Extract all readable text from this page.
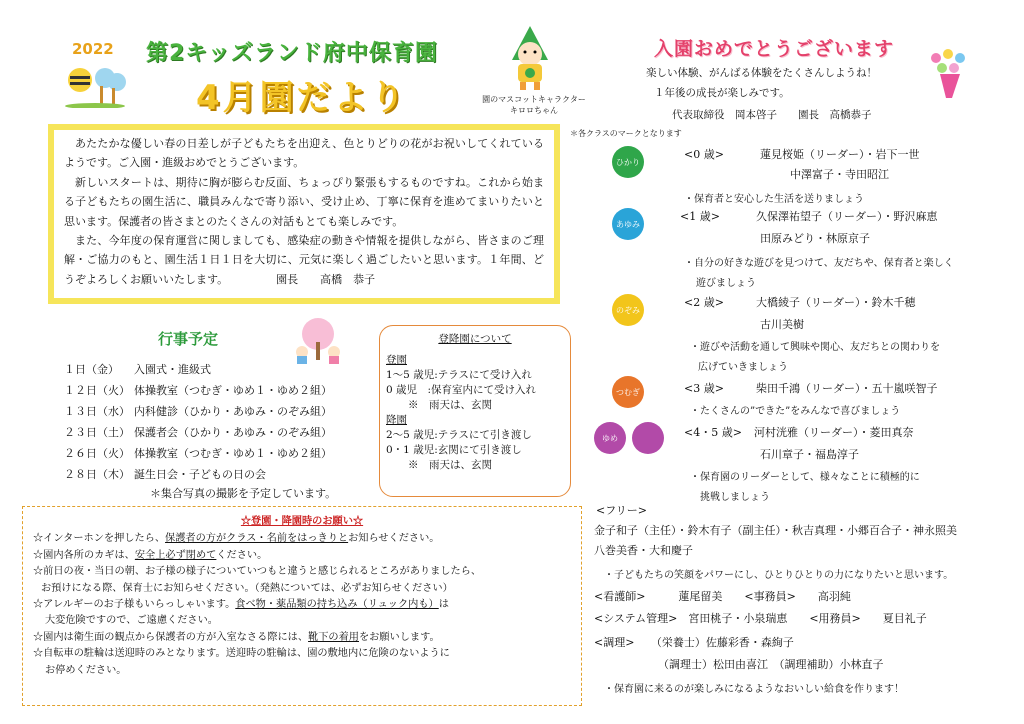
2022 第2キッズランド府中保育園
4月園だより	園のマスコットキャラクター
キロロちゃん
入園おめでとうございます
楽しい体験、がんばる体験をたくさんしようね！
１年後の成長が楽しみです。
代表取締役　岡本啓子　　園長　高橋恭子

あたたかな優しい春の日差しが子どもたちを出迎え、色とりどりの花がお祝いしてくれているようです。ご入園・進級おめでとうございます。

新しいスタートは、期待に胸が膨らむ反面、ちょっぴり緊張もするものですね。これから始まる子どもたちの園生活に、職員みんなで寄り添い、受け止め、丁寧に保育を進めてまいりたいと思います。保護者の皆さまとのたくさんの対話もとても楽しみです。

また、今年度の保育運営に関しましても、感染症の動きや情報を提供しながら、皆さまのご理解・ご協力のもと、園生活１日１日を大切に、元気に楽しく過ごしたいと思います。１年間、どうぞよろしくお願いいたします。	園長　　高橋　恭子

行事予定
１日（金） 入園式・進級式
１２日（火） 体操教室（つむぎ・ゆめ１・ゆめ２組）
１３日（水） 内科健診（ひかり・あゆみ・のぞみ組）
２３日（土） 保護者会（ひかり・あゆみ・のぞみ組）
２６日（火） 体操教室（つむぎ・ゆめ１・ゆめ２組）
２８日（木） 誕生日会・子どもの日の会
＊集合写真の撮影を予定しています。
登降園について
登園
1〜5 歳児:テラスにて受け入れ
0 歳児　:保育室内にて受け入れ
※　雨天は、玄関
降園
2〜5 歳児:テラスにて引き渡し
0・1 歳児:玄関にて引き渡し
※　雨天は、玄関
☆登園・降園時のお願い☆
☆インターホンを押したら、保護者の方がクラス・名前をはっきりとお知らせください。
☆園内各所のカギは、安全上必ず閉めてください。
☆前日の夜・当日の朝、お子様の様子についていつもと違うと感じられるところがありましたら、
お預けになる際、保育士にお知らせください。（発熱については、必ずお知らせください）
☆アレルギーのお子様もいらっしゃいます。食べ物・薬品類の持ち込み（リュック内も）は
大変危険ですので、ご遠慮ください。
☆園内は衛生面の観点から保護者の方が入室なさる際には、靴下の着用をお願いします。
☆自転車の駐輪は送迎時のみとなります。送迎時の駐輪は、園の敷地内に危険のないように
お停めください。
＊各クラスのマークとなります
ひかり
<0 歳>	蓮見桜姫（リーダー）・岩下一世
中澤富子・寺田昭江
・保育者と安心した生活を送りましょう
あゆみ
<1 歳>	久保澤祐望子（リーダー）・野沢麻恵
田原みどり・林原京子
・自分の好きな遊びを見つけて、友だちや、保育者と楽しく
遊びましょう
のぞみ
<2 歳>	大橋綾子（リーダー）・鈴木千穂
古川美樹
・遊びや活動を通して興味や関心、友だちとの関わりを
広げていきましょう
つむぎ	<3 歳>	柴田千鴻（リーダー）・五十嵐咲智子
・たくさんの”できた”をみんなで喜びましょう
ゆめ	<4・5 歳> 河村洸雅（リーダー）・菱田真奈
石川章子・福島淳子
・保育園のリーダーとして、様々なことに積極的に
挑戦しましょう
<フリー>
金子和子（主任）・鈴木有子（副主任）・秋吉真理・小郷百合子・神永照美
八巻美香・大和慶子
・子どもたちの笑顔をパワーにし、ひとりひとりの力になりたいと思います。
<看護師>　　　蓮尾留美　　<事務員>　　高羽純
<システム管理>　宮田桃子・小泉瑞恵　　<用務員>　　夏目礼子
<調理>　　（栄養士）佐藤彩香・森絢子
（調理士）松田由喜江　（調理補助）小林直子
・保育園に来るのが楽しみになるようなおいしい給食を作ります！
